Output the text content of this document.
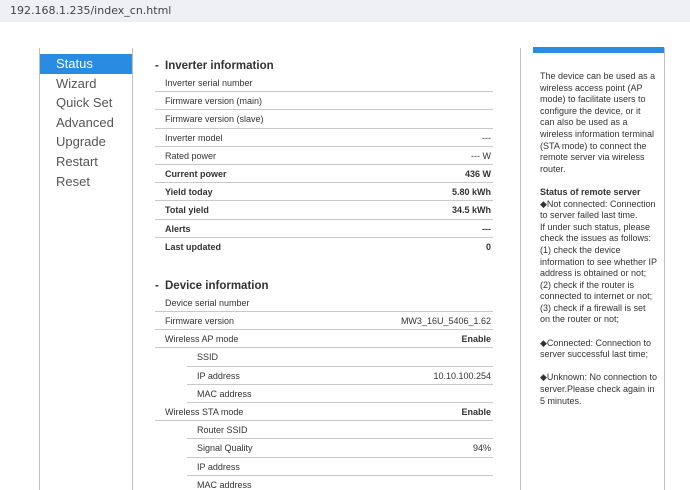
192.168.1.235/index_cn.html
Status
Wizard
Quick Set
Advanced
Upgrade
Restart
Reset
- Inverter information
Inverter serial number
Firmware version (main)
Firmware version (slave)
Inverter model	---
Rated power	--- W
Current power	436 W
Yield today	5.80 kWh
Total yield	34.5 kWh
Alerts	---
Last updated	0
- Device information
Device serial number
Firmware version	MW3_16U_5406_1.62
Wireless AP mode	Enable
SSID
IP address	10.10.100.254
MAC address
Wireless STA mode	Enable
Router SSID
Signal Quality	94%
IP address
MAC address

The device can be used as a wireless access point (AP mode) to facilitate users to configure the device, or it can also be used as a wireless information terminal (STA mode) to connect the remote server via wireless router.

Status of remote server

◆Not connected: Connection to server failed last time.

If under such status, please check the issues as follows:

(1) check the device information to see whether IP address is obtained or not;

(2) check if the router is connected to internet or not;

(3) check if a firewall is set on the router or not;

◆Connected: Connection to server successful last time;

◆Unknown: No connection to server.Please check again in 5 minutes.
